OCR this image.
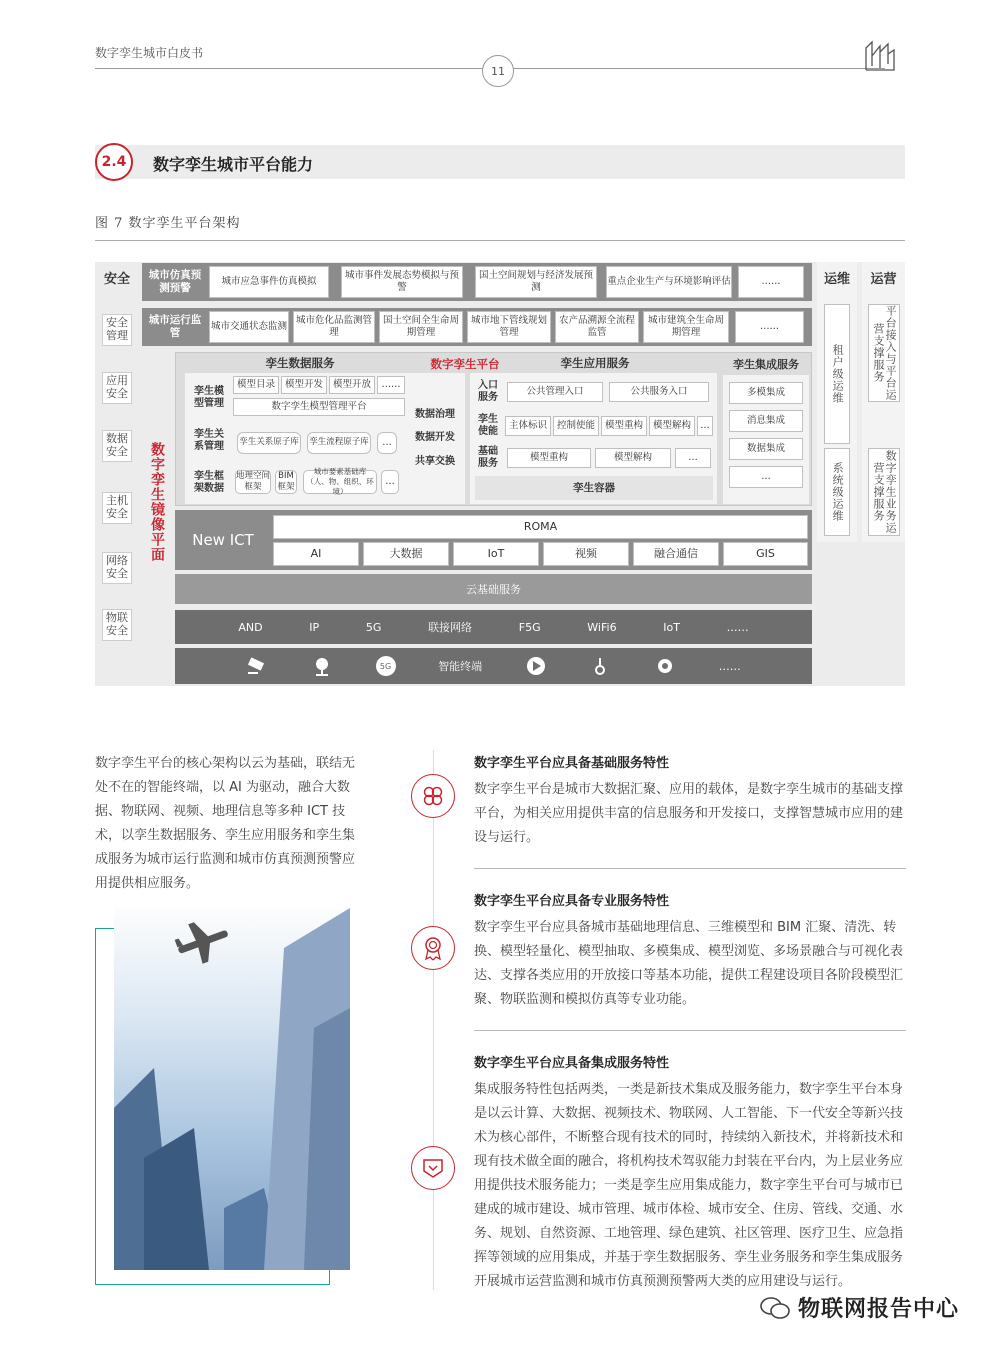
数字孪生城市白皮书
11
2.4	数字孪生城市平台能力
图 7 数字孪生平台架构
安全
安全管理
应用安全
数据安全
主机安全
网络安全
物联安全
城市仿真预测预警
城市应急事件仿真模拟
城市事件发展态势模拟与预警
国土空间规划与经济发展预测
重点企业生产与环境影响评估	……
城市运行监管
城市交通状态监测
城市危化品监测管理
国土空间全生命周期管理
城市地下管线规划管理
农产品溯源全流程监管
城市建筑全生命周期管理
……
数字孪生镜像平面
数字孪生平台
孪生数据服务
孪生模型管理
模型目录	模型开发	模型开放	……
数字孪生模型管理平台
孪生关系管理	孪生关系原子库 孪生流程原子库	…
孪生框架数据
地理空间框架
BIM框架
城市要素基础库（人、物、组织、环境）
…
数据治理
数据开发
共享交换
孪生应用服务
入口服务
公共管理入口	公共服务入口
孪生使能
主体标识	控制使能	模型重构	模型解构 …
基础服务
模型重构	模型解构	…
孪生容器
孪生集成服务
多模集成
消息集成
数据集成
…
New ICT
ROMA
AI	大数据	IoT	视频	融合通信	GIS
云基础服务
AND	IP	5G	联接网络	F5G	WiFi6	IoT	……
5G	智能终端	……
运维
租户级运维
系统级运维
运营
平台接入与平台运营支撑服务
数字孪生业务运营支撑服务
数字孪生平台的核心架构以云为基础，联结无处不在的智能终端，以 AI 为驱动，融合大数据、物联网、视频、地理信息等多种 ICT 技术，以孪生数据服务、孪生应用服务和孪生集成服务为城市运行监测和城市仿真预测预警应用提供相应服务。
数字孪生平台应具备基础服务特性
数字孪生平台是城市大数据汇聚、应用的载体，是数字孪生城市的基础支撑平台，为相关应用提供丰富的信息服务和开发接口，支撑智慧城市应用的建设与运行。
数字孪生平台应具备专业服务特性
数字孪生平台应具备城市基础地理信息、三维模型和 BIM 汇聚、清洗、转换、模型轻量化、模型抽取、多模集成、模型浏览、多场景融合与可视化表达、支撑各类应用的开放接口等基本功能，提供工程建设项目各阶段模型汇聚、物联监测和模拟仿真等专业功能。
数字孪生平台应具备集成服务特性
集成服务特性包括两类，一类是新技术集成及服务能力，数字孪生平台本身是以云计算、大数据、视频技术、物联网、人工智能、下一代安全等新兴技术为核心部件，不断整合现有技术的同时，持续纳入新技术，并将新技术和现有技术做全面的融合，将机构技术驾驭能力封装在平台内，为上层业务应用提供技术服务能力；一类是孪生应用集成能力，数字孪生平台可与城市已建成的城市建设、城市管理、城市体检、城市安全、住房、管线、交通、水务、规划、自然资源、工地管理、绿色建筑、社区管理、医疗卫生、应急指挥等领域的应用集成，并基于孪生数据服务、孪生业务服务和孪生集成服务开展城市运营监测和城市仿真预测预警两大类的应用建设与运行。
物联网报告中心
